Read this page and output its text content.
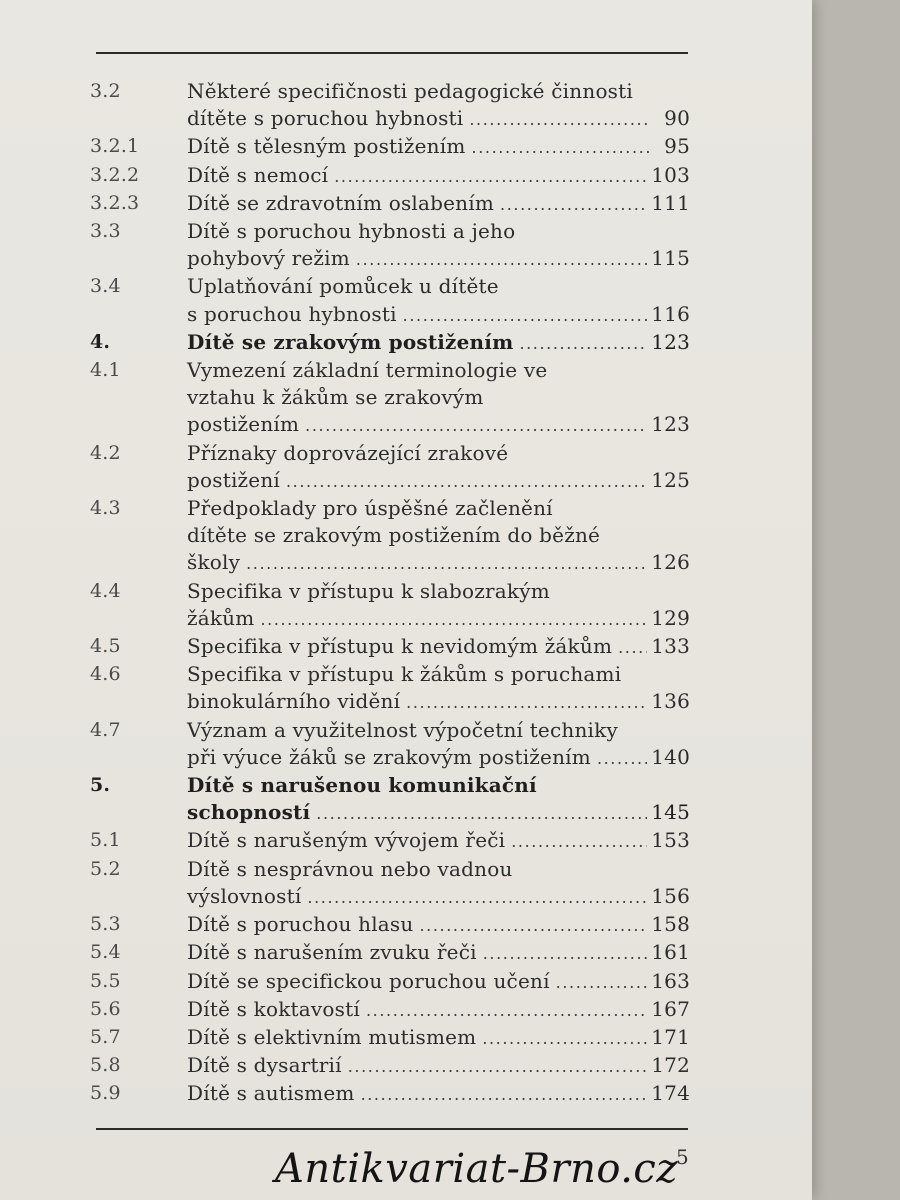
3.2	Některé specifičnosti pedagogické činnosti
dítěte s poruchou hybnosti .....	90
3.2.1 Dítě s tělesným postižením .....	95
3.2.2 Dítě s nemocí .....	103
3.2.3 Dítě se zdravotním oslabením .....	111
3.3	Dítě s poruchou hybnosti a jeho
pohybový režim .....	115
3.4	Uplatňování pomůcek u dítěte
s poruchou hybnosti .....	116
4.	Dítě se zrakovým postižením .....	123
4.1	Vymezení základní terminologie ve
vztahu k žákům se zrakovým
postižením .....	123
4.2	Příznaky doprovázející zrakové
postižení .....	125
4.3	Předpoklady pro úspěšné začlenění
dítěte se zrakovým postižením do běžné
školy .....	126
4.4	Specifika v přístupu k slabozrakým
žákům .....	129
4.5	Specifika v přístupu k nevidomým žákům ..... 133
4.6	Specifika v přístupu k žákům s poruchami
binokulárního vidění .....	136
4.7	Význam a využitelnost výpočetní techniky
při výuce žáků se zrakovým postižením .....	140
5.	Dítě s narušenou komunikační
schopností .....	145
5.1	Dítě s narušeným vývojem řeči .....	153
5.2	Dítě s nesprávnou nebo vadnou
výslovností .....	156
5.3	Dítě s poruchou hlasu .....	158
5.4	Dítě s narušením zvuku řeči .....	161
5.5	Dítě se specifickou poruchou učení .....	163
5.6	Dítě s koktavostí .....	167
5.7	Dítě s elektivním mutismem .....	171
5.8	Dítě s dysartrií .....	172
5.9	Dítě s autismem .....	174
5
Antikvariat-Brno.cz
